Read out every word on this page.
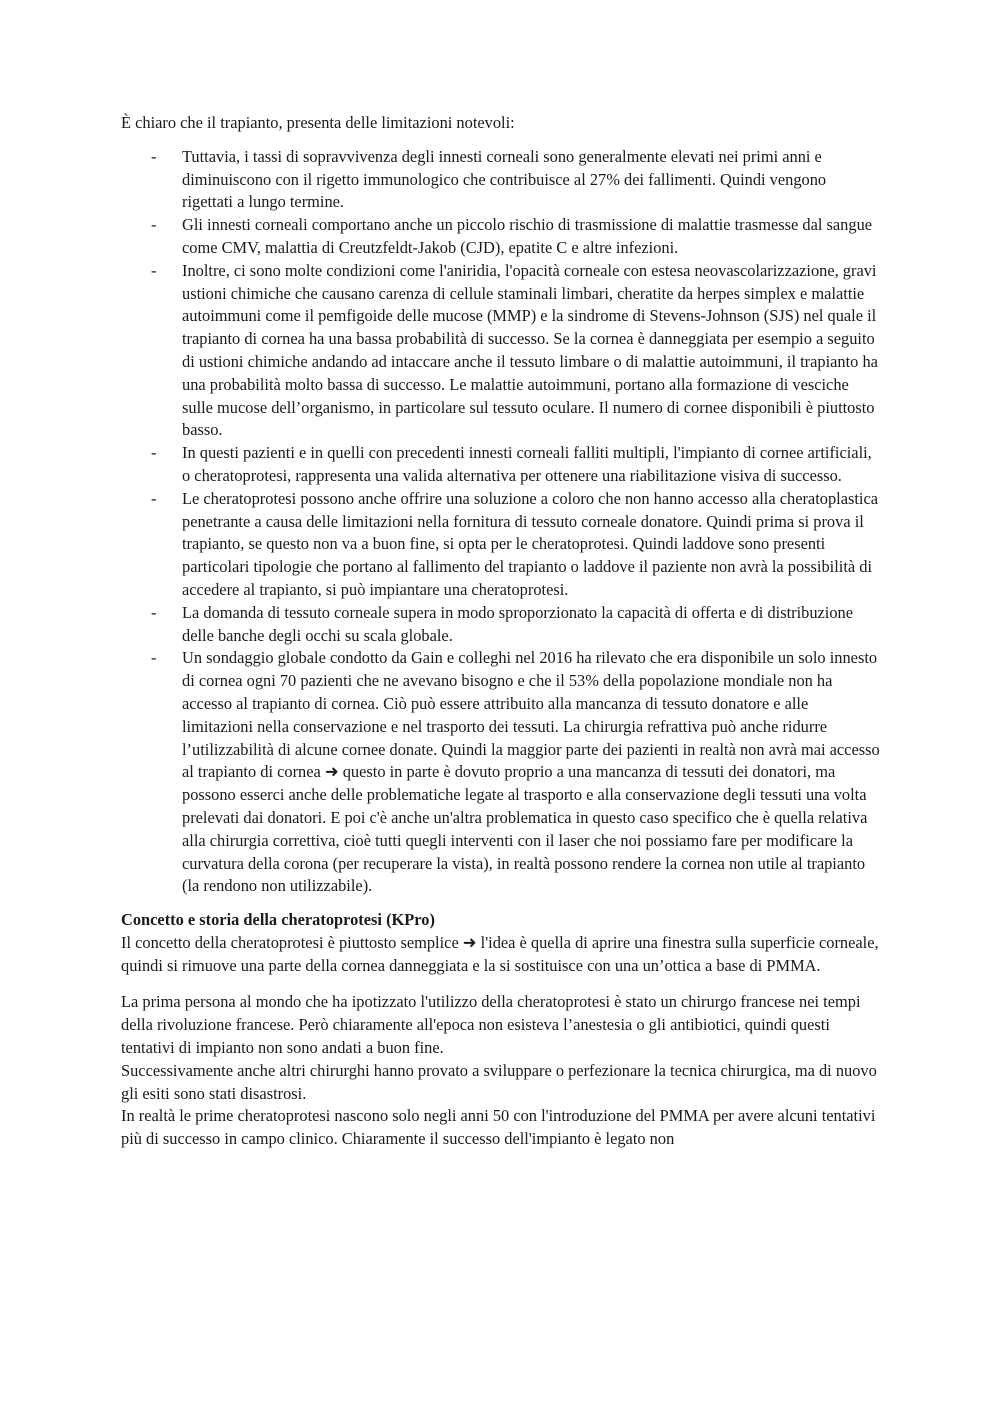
È chiaro che il trapianto, presenta delle limitazioni notevoli:

- Tuttavia, i tassi di sopravvivenza degli innesti corneali sono generalmente elevati nei primi anni e diminuiscono con il rigetto immunologico che contribuisce al 27% dei fallimenti. Quindi vengono rigettati a lungo termine.
- Gli innesti corneali comportano anche un piccolo rischio di trasmissione di malattie trasmesse dal sangue come CMV, malattia di Creutzfeldt-Jakob (CJD), epatite C e altre infezioni.
- Inoltre, ci sono molte condizioni come l'aniridia, l'opacità corneale con estesa neovascolarizzazione, gravi ustioni chimiche che causano carenza di cellule staminali limbari, cheratite da herpes simplex e malattie autoimmuni come il pemfigoide delle mucose (MMP) e la sindrome di Stevens-Johnson (SJS) nel quale il trapianto di cornea ha una bassa probabilità di successo. Se la cornea è danneggiata per esempio a seguito di ustioni chimiche andando ad intaccare anche il tessuto limbare o di malattie autoimmuni, il trapianto ha una probabilità molto bassa di successo. Le malattie autoimmuni, portano alla formazione di vesciche sulle mucose dell’organismo, in particolare sul tessuto oculare. Il numero di cornee disponibili è piuttosto basso.
- In questi pazienti e in quelli con precedenti innesti corneali falliti multipli, l'impianto di cornee artificiali, o cheratoprotesi, rappresenta una valida alternativa per ottenere una riabilitazione visiva di successo.
- Le cheratoprotesi possono anche offrire una soluzione a coloro che non hanno accesso alla cheratoplastica penetrante a causa delle limitazioni nella fornitura di tessuto corneale donatore. Quindi prima si prova il trapianto, se questo non va a buon fine, si opta per le cheratoprotesi. Quindi laddove sono presenti particolari tipologie che portano al fallimento del trapianto o laddove il paziente non avrà la possibilità di accedere al trapianto, si può impiantare una cheratoprotesi.
- La domanda di tessuto corneale supera in modo sproporzionato la capacità di offerta e di distribuzione delle banche degli occhi su scala globale.
- Un sondaggio globale condotto da Gain e colleghi nel 2016 ha rilevato che era disponibile un solo innesto di cornea ogni 70 pazienti che ne avevano bisogno e che il 53% della popolazione mondiale non ha accesso al trapianto di cornea. Ciò può essere attribuito alla mancanza di tessuto donatore e alle limitazioni nella conservazione e nel trasporto dei tessuti. La chirurgia refrattiva può anche ridurre l’utilizzabilità di alcune cornee donate. Quindi la maggior parte dei pazienti in realtà non avrà mai accesso al trapianto di cornea ➜ questo in parte è dovuto proprio a una mancanza di tessuti dei donatori, ma possono esserci anche delle problematiche legate al trasporto e alla conservazione degli tessuti una volta prelevati dai donatori. E poi c'è anche un'altra problematica in questo caso specifico che è quella relativa alla chirurgia correttiva, cioè tutti quegli interventi con il laser che noi possiamo fare per modificare la curvatura della corona (per recuperare la vista), in realtà possono rendere la cornea non utile al trapianto (la rendono non utilizzabile).

Concetto e storia della cheratoprotesi (KPro)

Il concetto della cheratoprotesi è piuttosto semplice ➜ l'idea è quella di aprire una finestra sulla superficie corneale, quindi si rimuove una parte della cornea danneggiata e la si sostituisce con una un’ottica a base di PMMA.

La prima persona al mondo che ha ipotizzato l'utilizzo della cheratoprotesi è stato un chirurgo francese nei tempi della rivoluzione francese. Però chiaramente all'epoca non esisteva l’anestesia o gli antibiotici, quindi questi tentativi di impianto non sono andati a buon fine.

Successivamente anche altri chirurghi hanno provato a sviluppare o perfezionare la tecnica chirurgica, ma di nuovo gli esiti sono stati disastrosi.

In realtà le prime cheratoprotesi nascono solo negli anni 50 con l'introduzione del PMMA per avere alcuni tentativi più di successo in campo clinico. Chiaramente il successo dell'impianto è legato non
